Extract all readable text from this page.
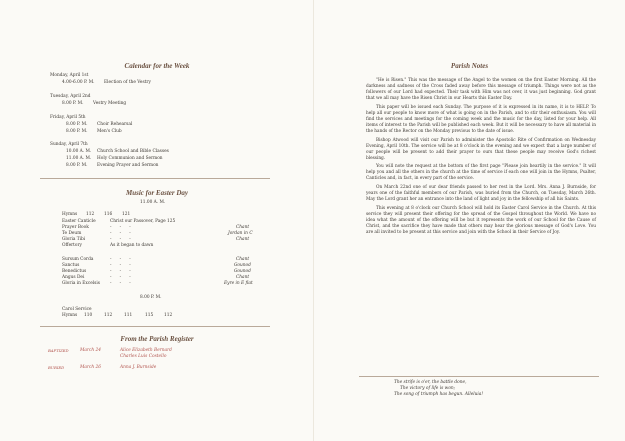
Calendar for the Week
Monday, April 1st
4.00-6.00 P. M. Election of the Vestry
Tuesday, April 2nd
8.00 P. M. Vestry Meeting
Friday, April 5th
8.00 P. M. Choir Rehearsal
8.00 P. M. Men's Club
Sunday, April 7th
10.00 A. M. Church School and Bible Classes
11.00 A. M. Holy Communion and Sermon
8.00 P. M. Evening Prayer and Sermon
Music for Easter Day
11.00 A. M.
Hymns 112 116 121
Easter Canticle	Christ our Passover, Page 125
Prayer Book	-      -      -	Chant
Te Deum	-      -      -	Jordan in C
Gloria Tibi	-      -      -	Chant
Offertory	As it began to dawn
Sursum Corda	-      -      -	Chant
Sanctus	-      -      -	Gounod
Benedictus	-      -      -	Gounod
Angus Dei	-      -      -	Chant
Gloria in Excelsis -      -      -	Eyre in E flat
8.00 P. M.
Carol Service
Hymns 110	112	111	115	112
From the Parish Register
BAPTIZED	March 24	Alice Elizabeth Bernard
Charles Luis Costello
BURIED	March 26	Anna J. Burnside
Parish Notes

"He is Risen." This was the message of the Angel to the women on the first Easter Morning. All the darkness and sadness of the Cross faded away before this message of triumph. Things were not as the followers of our Lord had expected. Their task with Him was not over, it was just beginning. God grant that we all may have the Risen Christ in our Hearts this Easter Day.

This paper will be issued each Sunday. The purpose of it is expressed in its name, it is to HELP. To help all our people to know more of what is going on in the Parish, and to stir their enthusiasm. You will find the services and meetings for the coming week and the music for the day, listed for your help. All items of interest to the Parish will be published each week. But it will be necessary to have all material in the hands of the Rector on the Monday previous to the date of issue.

Bishop Atwood will visit our Parish to administer the Apostolic Rite of Confirmation on Wednesday Evening, April 10th. The service will be at 8 o'clock in the evening and we expect that a large number of our people will be present to add their prayer to ours that these people may receive God's richest blessing.

You will note the request at the bottom of the first page "Please join heartily in the service." It will help you and all the others in the church at the time of service if each one will join in the Hymns, Psalter, Canticles and, in fact, in every part of the service.

On March 22nd one of our dear friends passed to her rest in the Lord. Mrs. Anna J. Burnside, for years one of the faithful members of our Parish, was buried from the Church, on Tuesday, March 26th. May the Lord grant her an entrance into the land of light and joy in the fellowship of all his Saints.

This evening at 8 o'clock our Church School will hold its Easter Carol Service in the Church. At this service they will present their offering for the spread of the Gospel throughout the World. We have no idea what the amount of the offering will be but it represents the work of our School for the Cause of Christ, and the sacrifice they have made that others may hear the glorious message of God's Love. You are all invited to be present at this service and join with the School in their Service of Joy.

The strife is o'er, the battle done,
The victory of life is won;
The song of triumph has begun. Alleluia!
